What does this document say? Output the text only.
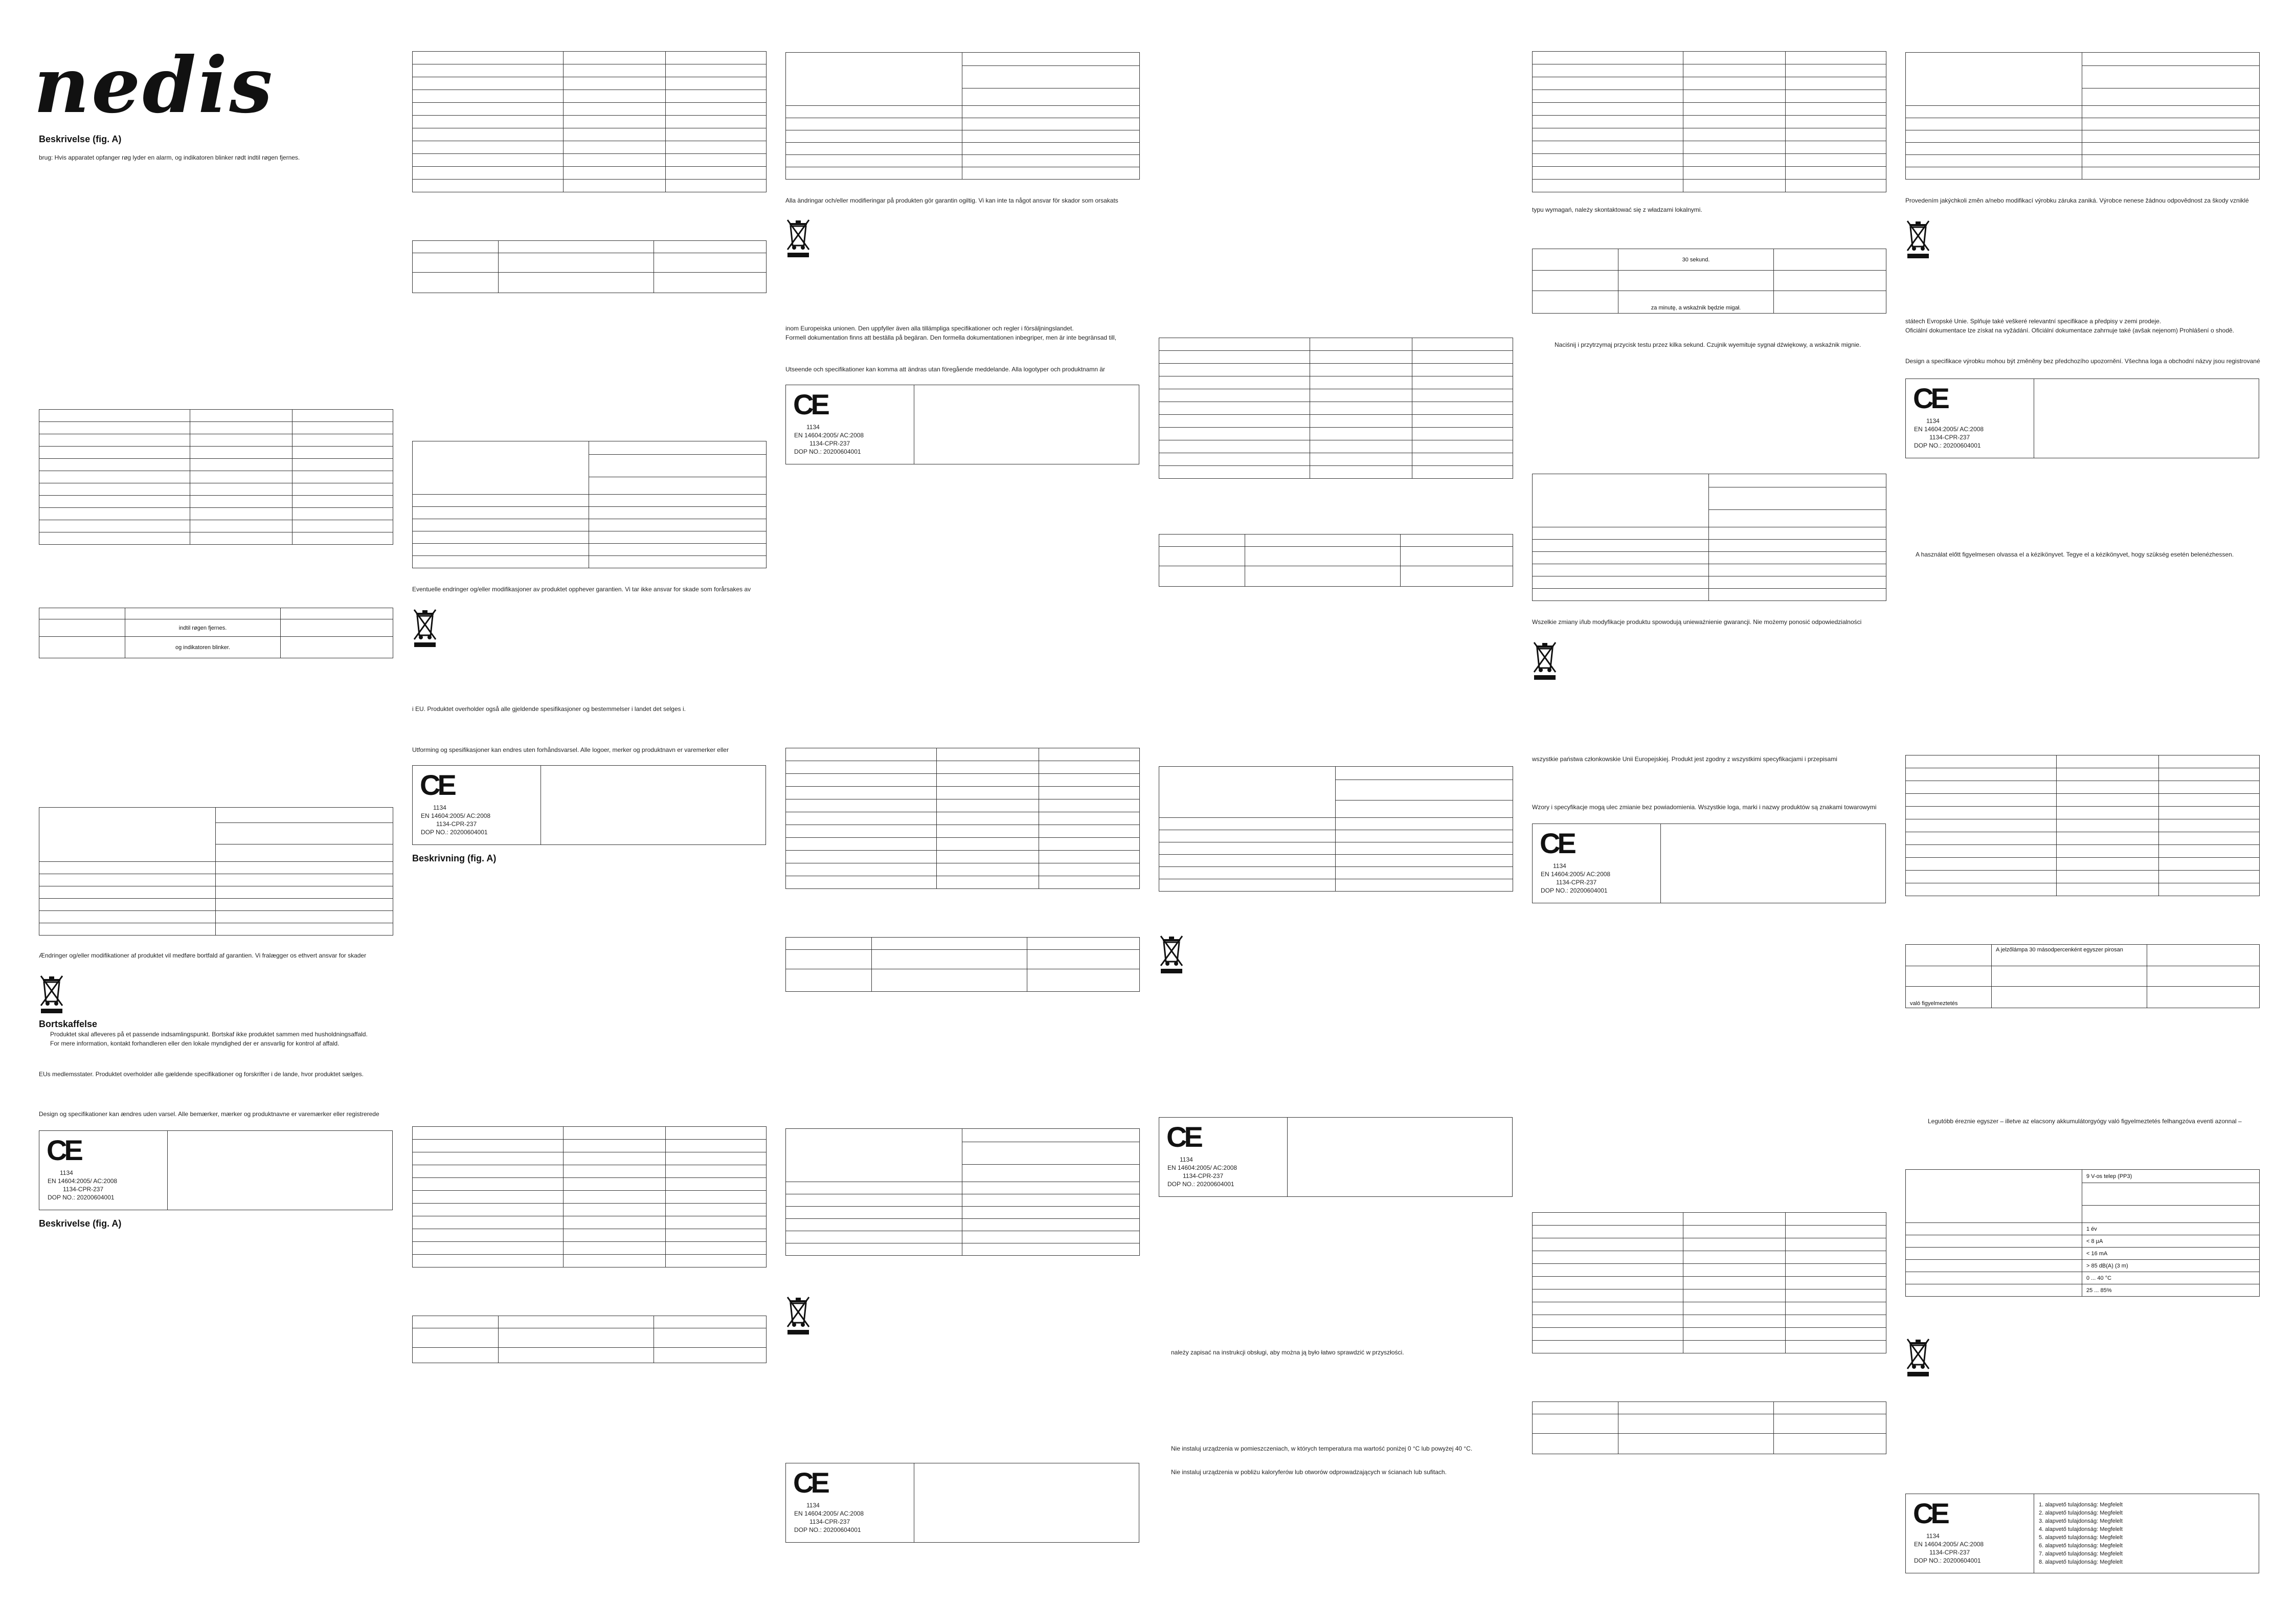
nedis
Beskrivelse (fig. A)
brug: Hvis apparatet opfanger røg lyder en alarm, og indikatoren blinker rødt indtil røgen fjernes.

	indtil røgen fjernes.	
	og indikatoren blinker.	

Ændringer og/eller modifikationer af produktet vil medføre bortfald af garantien. Vi fralægger os ethvert ansvar for skader
Bortskaffelse
Produktet skal afleveres på et passende indsamlingspunkt. Bortskaf ikke produktet sammen med husholdningsaffald.
For mere information, kontakt forhandleren eller den lokale myndighed der er ansvarlig for kontrol af affald.
EUs medlemsstater. Produktet overholder alle gældende specifikationer og forskrifter i de lande, hvor produktet sælges.
Design og specifikationer kan ændres uden varsel. Alle bemærker, mærker og produktnavne er varemærker eller registrerede
CE
1134
EN 14604:2005/ AC:2008
1134-CPR-237
DOP NO.: 20200604001
Beskrivelse (fig. A)

Eventuelle endringer og/eller modifikasjoner av produktet opphever garantien. Vi tar ikke ansvar for skade som forårsakes av
i EU. Produktet overholder også alle gjeldende spesifikasjoner og bestemmelser i landet det selges i.
Utforming og spesifikasjoner kan endres uten forhåndsvarsel. Alle logoer, merker og produktnavn er varemerker eller
CE
1134
EN 14604:2005/ AC:2008
1134-CPR-237
DOP NO.: 20200604001
Beskrivning (fig. A)

Alla ändringar och/eller modifieringar på produkten gör garantin ogiltig. Vi kan inte ta något ansvar för skador som orsakats
inom Europeiska unionen. Den uppfyller även alla tillämpliga specifikationer och regler i försäljningslandet.
Formell dokumentation finns att beställa på begäran. Den formella dokumentationen inbegriper, men är inte begränsad till,
Utseende och specifikationer kan komma att ändras utan föregående meddelande. Alla logotyper och produktnamn är
CE
1134
EN 14604:2005/ AC:2008
1134-CPR-237
DOP NO.: 20200604001

CE
1134
EN 14604:2005/ AC:2008
1134-CPR-237
DOP NO.: 20200604001

CE
1134
EN 14604:2005/ AC:2008
1134-CPR-237
DOP NO.: 20200604001
należy zapisać na instrukcji obsługi, aby można ją było łatwo sprawdzić w przyszłości.
Nie instaluj urządzenia w pomieszczeniach, w których temperatura ma wartość poniżej 0 °C lub powyżej 40 °C.
Nie instaluj urządzenia w pobliżu kaloryferów lub otworów odprowadzających w ścianach lub sufitach.

typu wymagań, należy skontaktować się z władzami lokalnymi.
	30 sekund.	

	za minutę, a wskaźnik będzie migał.	
Naciśnij i przytrzymaj przycisk testu przez kilka sekund. Czujnik wyemituje sygnał dźwiękowy, a wskaźnik mignie.

Wszelkie zmiany i/lub modyfikacje produktu spowodują unieważnienie gwarancji. Nie możemy ponosić odpowiedzialności
wszystkie państwa członkowskie Unii Europejskiej. Produkt jest zgodny z wszystkimi specyfikacjami i przepisami
Wzory i specyfikacje mogą ulec zmianie bez powiadomienia. Wszystkie loga, marki i nazwy produktów są znakami towarowymi
CE
1134
EN 14604:2005/ AC:2008
1134-CPR-237
DOP NO.: 20200604001

Provedením jakýchkoli změn a/nebo modifikací výrobku záruka zaniká. Výrobce nenese žádnou odpovědnost za škody vzniklé
státech Evropské Unie. Splňuje také veškeré relevantní specifikace a předpisy v zemi prodeje.
Oficiální dokumentace lze získat na vyžádání. Oficiální dokumentace zahrnuje také (avšak nejenom) Prohlášení o shodě.
Design a specifikace výrobku mohou být změněny bez předchozího upozornění. Všechna loga a obchodní názvy jsou registrované
CE
1134
EN 14604:2005/ AC:2008
1134-CPR-237
DOP NO.: 20200604001
A használat előtt figyelmesen olvassa el a kézikönyvet. Tegye el a kézikönyvet, hogy szükség esetén belenézhessen.

	A jelzőlámpa 30 másodpercenként egyszer pirosan	

való figyelmeztetés		
Legutóbb éreznie egyszer – illetve az elacsony akkumulátorgyógy való figyelmeztetés felhangzóva eventi azonnal –
	9 V-os telep (PP3)

	1 év
	< 8 μA
	< 16 mA
	> 85 dB(A) (3 m)
	0 ... 40 °C
	25 ... 85%
CE
1134
EN 14604:2005/ AC:2008
1134-CPR-237
DOP NO.: 20200604001
1. alapvető tulajdonság: Megfelelt
2. alapvető tulajdonság: Megfelelt
3. alapvető tulajdonság: Megfelelt
4. alapvető tulajdonság: Megfelelt
5. alapvető tulajdonság: Megfelelt
6. alapvető tulajdonság: Megfelelt
7. alapvető tulajdonság: Megfelelt
8. alapvető tulajdonság: Megfelelt
